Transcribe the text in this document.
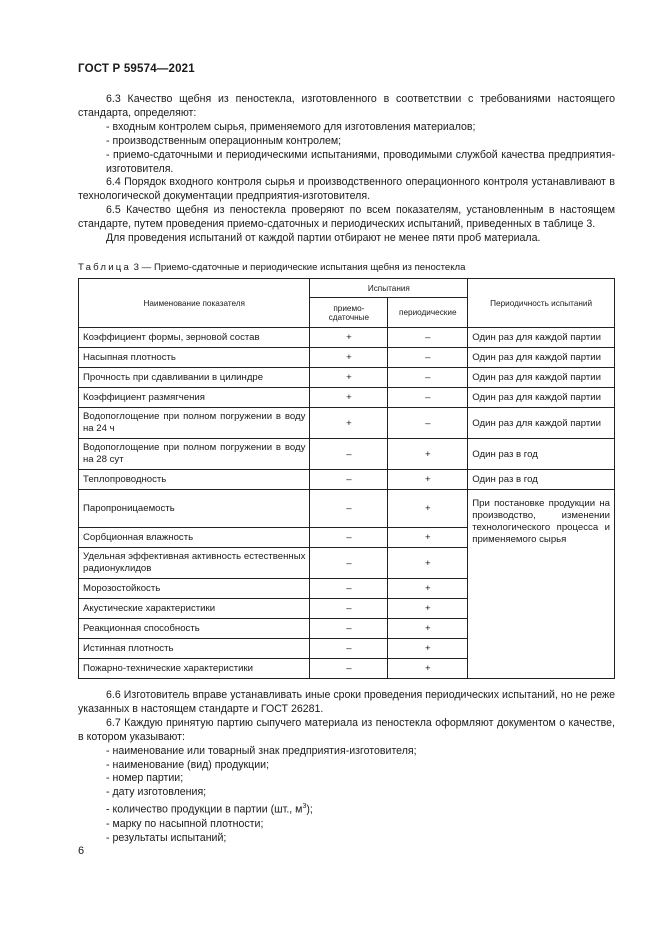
ГОСТ Р 59574—2021

6.3 Качество щебня из пеностекла, изготовленного в соответствии с требованиями настоящего стандарта, определяют:

- входным контролем сырья, применяемого для изготовления материалов;

- производственным операционным контролем;

- приемо-сдаточными и периодическими испытаниями, проводимыми службой качества предприятия-изготовителя.

6.4 Порядок входного контроля сырья и производственного операционного контроля устанавливают в технологической документации предприятия-изготовителя.

6.5 Качество щебня из пеностекла проверяют по всем показателям, установленным в настоящем стандарте, путем проведения приемо-сдаточных и периодических испытаний, приведенных в таблице 3.

Для проведения испытаний от каждой партии отбирают не менее пяти проб материала.

Таблица 3 — Приемо-сдаточные и периодические испытания щебня из пеностекла
Наименование показателя	Испытания		Периодичность испытаний
	приемо-сдаточные	периодические	
Коэффициент формы, зерновой состав	+	–	Один раз для каждой партии
Насыпная плотность	+	–	Один раз для каждой партии
Прочность при сдавливании в цилиндре	+	–	Один раз для каждой партии
Коэффициент размягчения	+	–	Один раз для каждой партии
Водопоглощение при полном погружении в воду на 24 ч	+	–	Один раз для каждой партии
Водопоглощение при полном погружении в воду на 28 сут	–	+	Один раз в год
Теплопроводность	–	+	Один раз в год
Паропроницаемость	–	+	При постановке продукции на производство, изменении технологического процесса и применяемого сырья
Сорбционная влажность	–	+	
Удельная эффективная активность естественных радионуклидов	–	+	
Морозостойкость	–	+	
Акустические характеристики	–	+	
Реакционная способность	–	+	
Истинная плотность	–	+	
Пожарно-технические характеристики	–	+	

6.6 Изготовитель вправе устанавливать иные сроки проведения периодических испытаний, но не реже указанных в настоящем стандарте и ГОСТ 26281.

6.7 Каждую принятую партию сыпучего материала из пеностекла оформляют документом о качестве, в котором указывают:

- наименование или товарный знак предприятия-изготовителя;

- наименование (вид) продукции;

- номер партии;

- дату изготовления;

- количество продукции в партии (шт., $м^3$);

- марку по насыпной плотности;

- результаты испытаний;

6
